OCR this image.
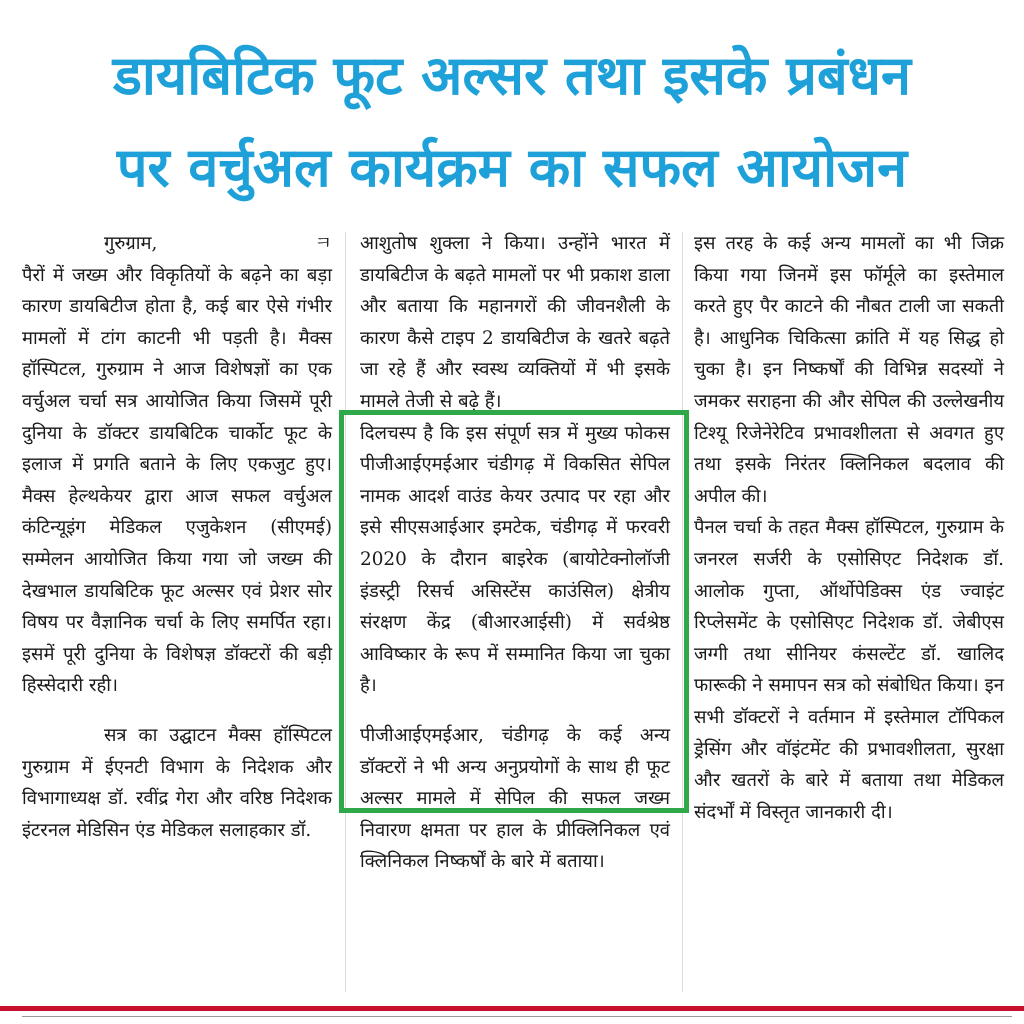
डायबिटिक फूट अल्सर तथा इसके प्रबंधन
पर वर्चुअल कार्यक्रम का सफल आयोजन

गुरुग्राम,	ㅋ

पैरों में जख्म और विकृतियों के बढ़ने का बड़ा कारण डायबिटीज होता है, कई बार ऐसे गंभीर मामलों में टांग काटनी भी पड़ती है। मैक्स हॉस्पिटल, गुरुग्राम ने आज विशेषज्ञों का एक वर्चुअल चर्चा सत्र आयोजित किया जिसमें पूरी दुनिया के डॉक्टर डायबिटिक चार्कोट फूट के इलाज में प्रगति बताने के लिए एकजुट हुए। मैक्स हेल्थकेयर द्वारा आज सफल वर्चुअल कंटिन्यूइंग मेडिकल एजुकेशन (सीएमई) सम्मेलन आयोजित किया गया जो जख्म की देखभाल डायबिटिक फूट अल्सर एवं प्रेशर सोर विषय पर वैज्ञानिक चर्चा के लिए समर्पित रहा। इसमें पूरी दुनिया के विशेषज्ञ डॉक्टरों की बड़ी हिस्सेदारी रही।

सत्र का उद्घाटन मैक्स हॉस्पिटल गुरुग्राम में ईएनटी विभाग के निदेशक और विभागाध्यक्ष डॉ. रवींद्र गेरा और वरिष्ठ निदेशक इंटरनल मेडिसिन एंड मेडिकल सलाहकार डॉ.

आशुतोष शुक्ला ने किया। उन्होंने भारत में डायबिटीज के बढ़ते मामलों पर भी प्रकाश डाला और बताया कि महानगरों की जीवनशैली के कारण कैसे टाइप 2 डायबिटीज के खतरे बढ़ते जा रहे हैं और स्वस्थ व्यक्तियों में भी इसके मामले तेजी से बढ़े हैं।

दिलचस्प है कि इस संपूर्ण सत्र में मुख्य फोकस पीजीआईएमईआर चंडीगढ़ में विकसित सेपिल नामक आदर्श वाउंड केयर उत्पाद पर रहा और इसे सीएसआईआर इमटेक, चंडीगढ़ में फरवरी 2020 के दौरान बाइरेक (बायोटेक्नोलॉजी इंडस्ट्री रिसर्च असिस्टेंस काउंसिल) क्षेत्रीय संरक्षण केंद्र (बीआरआईसी) में सर्वश्रेष्ठ आविष्कार के रूप में सम्मानित किया जा चुका है।

पीजीआईएमईआर, चंडीगढ़ के कई अन्य डॉक्टरों ने भी अन्य अनुप्रयोगों के साथ ही फूट अल्सर मामले में सेपिल की सफल जख्म निवारण क्षमता पर हाल के प्रीक्लिनिकल एवं क्लिनिकल निष्कर्षों के बारे में बताया।

इस तरह के कई अन्य मामलों का भी जिक्र किया गया जिनमें इस फॉर्मूले का इस्तेमाल करते हुए पैर काटने की नौबत टाली जा सकती है। आधुनिक चिकित्सा क्रांति में यह सिद्ध हो चुका है। इन निष्कर्षों की विभिन्न सदस्यों ने जमकर सराहना की और सेपिल की उल्लेखनीय टिश्यू रिजेनेरेटिव प्रभावशीलता से अवगत हुए तथा इसके निरंतर क्लिनिकल बदलाव की अपील की।

पैनल चर्चा के तहत मैक्स हॉस्पिटल, गुरुग्राम के जनरल सर्जरी के एसोसिएट निदेशक डॉ. आलोक गुप्ता, ऑर्थोपेडिक्स एंड ज्वाइंट रिप्लेसमेंट के एसोसिएट निदेशक डॉ. जेबीएस जग्गी तथा सीनियर कंसल्टेंट डॉ. खालिद फारूकी ने समापन सत्र को संबोधित किया। इन सभी डॉक्टरों ने वर्तमान में इस्तेमाल टॉपिकल ड्रेसिंग और वॉइंटमेंट की प्रभावशीलता, सुरक्षा और खतरों के बारे में बताया तथा मेडिकल संदर्भों में विस्तृत जानकारी दी।
